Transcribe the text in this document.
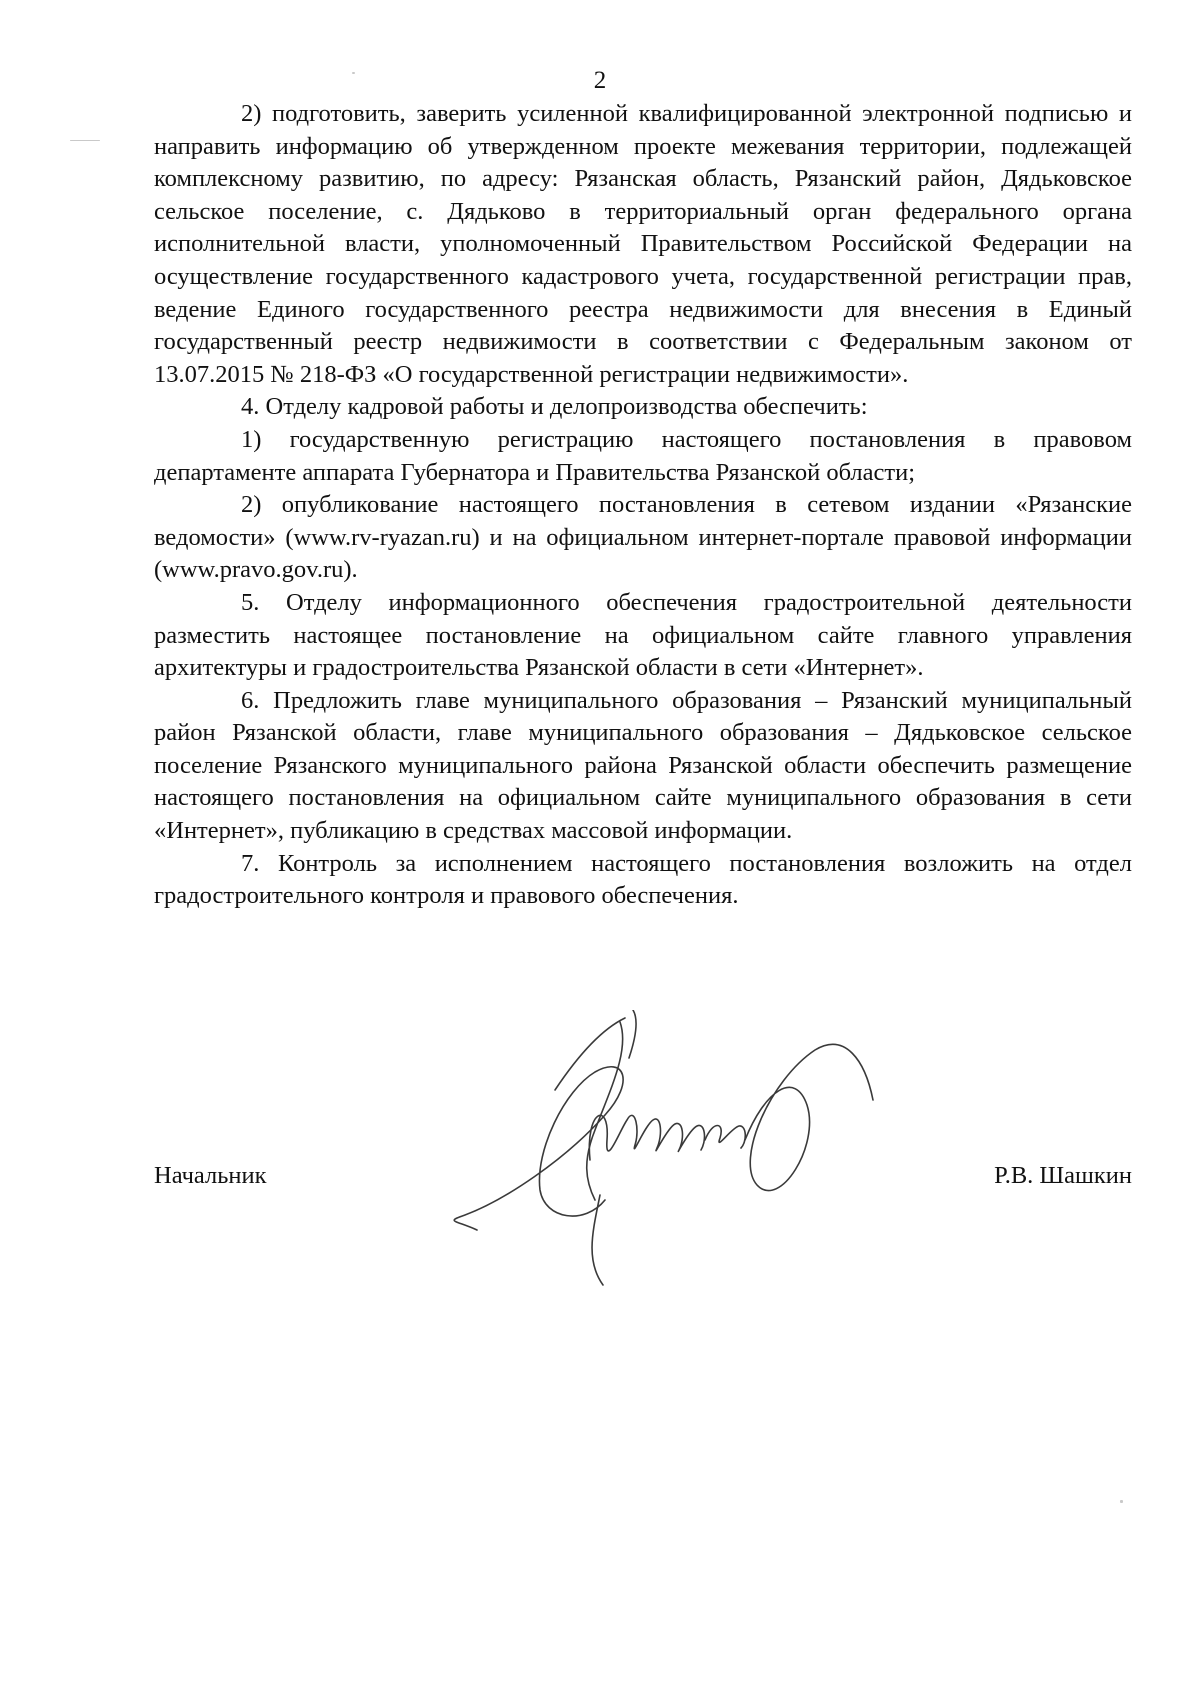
2

2) подготовить, заверить усиленной квалифицированной электронной подписью и направить информацию об утвержденном проекте межевания территории, подлежащей комплексному развитию, по адресу: Рязанская область, Рязанский район, Дядьковское сельское поселение, с. Дядьково в территориальный орган федерального органа исполнительной власти, уполномоченный Правительством Российской Федерации на осуществление государственного кадастрового учета, государственной регистрации прав, ведение Единого государственного реестра недвижимости для внесения в Единый государственный реестр недвижимости в соответствии с Федеральным законом от 13.07.2015 № 218-ФЗ «О государственной регистрации недвижимости».

4. Отделу кадровой работы и делопроизводства обеспечить:

1) государственную регистрацию настоящего постановления в правовом департаменте аппарата Губернатора и Правительства Рязанской области;

2) опубликование настоящего постановления в сетевом издании «Рязанские ведомости» (www.rv-ryazan.ru) и на официальном интернет-портале правовой информации (www.pravo.gov.ru).

5. Отделу информационного обеспечения градостроительной деятельности разместить настоящее постановление на официальном сайте главного управления архитектуры и градостроительства Рязанской области в сети «Интернет».

6. Предложить главе муниципального образования – Рязанский муниципальный район Рязанской области, главе муниципального образования – Дядьковское сельское поселение Рязанского муниципального района Рязанской области обеспечить размещение настоящего постановления на официальном сайте муниципального образования в сети «Интернет», публикацию в средствах массовой информации.

7. Контроль за исполнением настоящего постановления возложить на отдел градостроительного контроля и правового обеспечения.

Начальник	Р.В. Шашкин
